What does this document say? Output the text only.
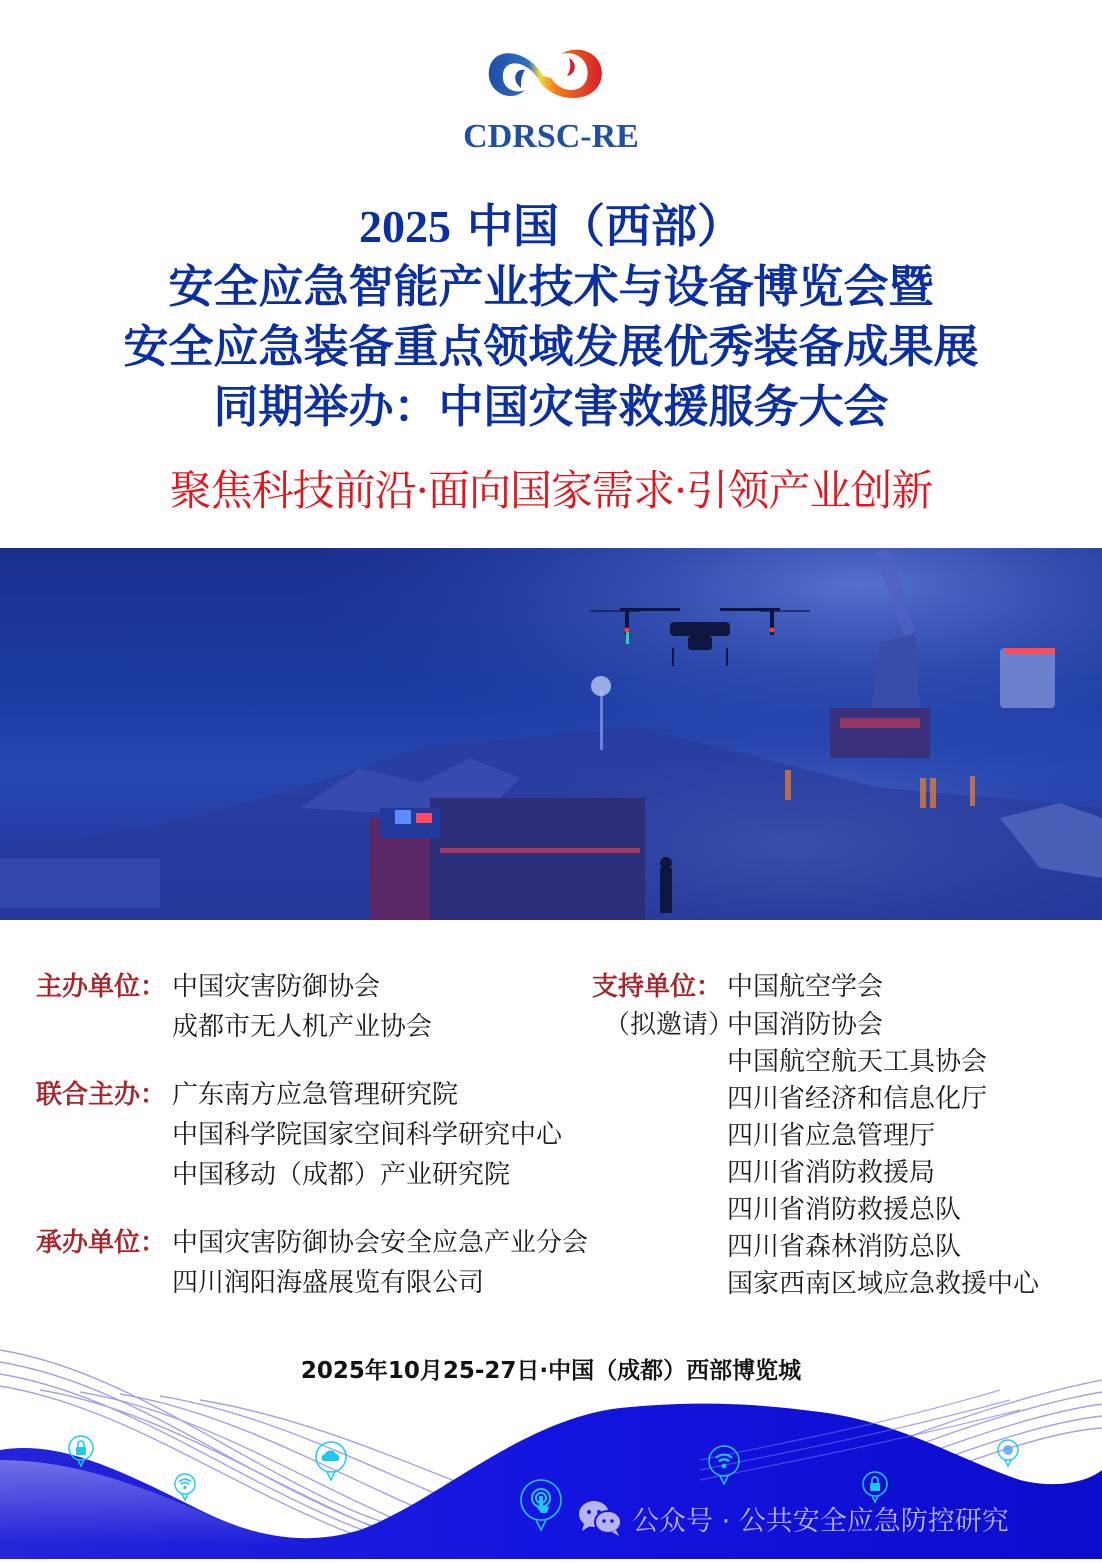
CDRSC-RE
2025 中国（西部）
安全应急智能产业技术与设备博览会暨
安全应急装备重点领域发展优秀装备成果展
同期举办：中国灾害救援服务大会
聚焦科技前沿·面向国家需求·引领产业创新
主办单位： 中国灾害防御协会
成都市无人机产业协会
联合主办： 广东南方应急管理研究院
中国科学院国家空间科学研究中心
中国移动（成都）产业研究院
承办单位： 中国灾害防御协会安全应急产业分会
四川润阳海盛展览有限公司
支持单位：
（拟邀请）
中国航空学会
中国消防协会
中国航空航天工具协会
四川省经济和信息化厅
四川省应急管理厅
四川省消防救援局
四川省消防救援总队
四川省森林消防总队
国家西南区域应急救援中心
2025年10月25-27日·中国（成都）西部博览城
公众号 · 公共安全应急防控研究
